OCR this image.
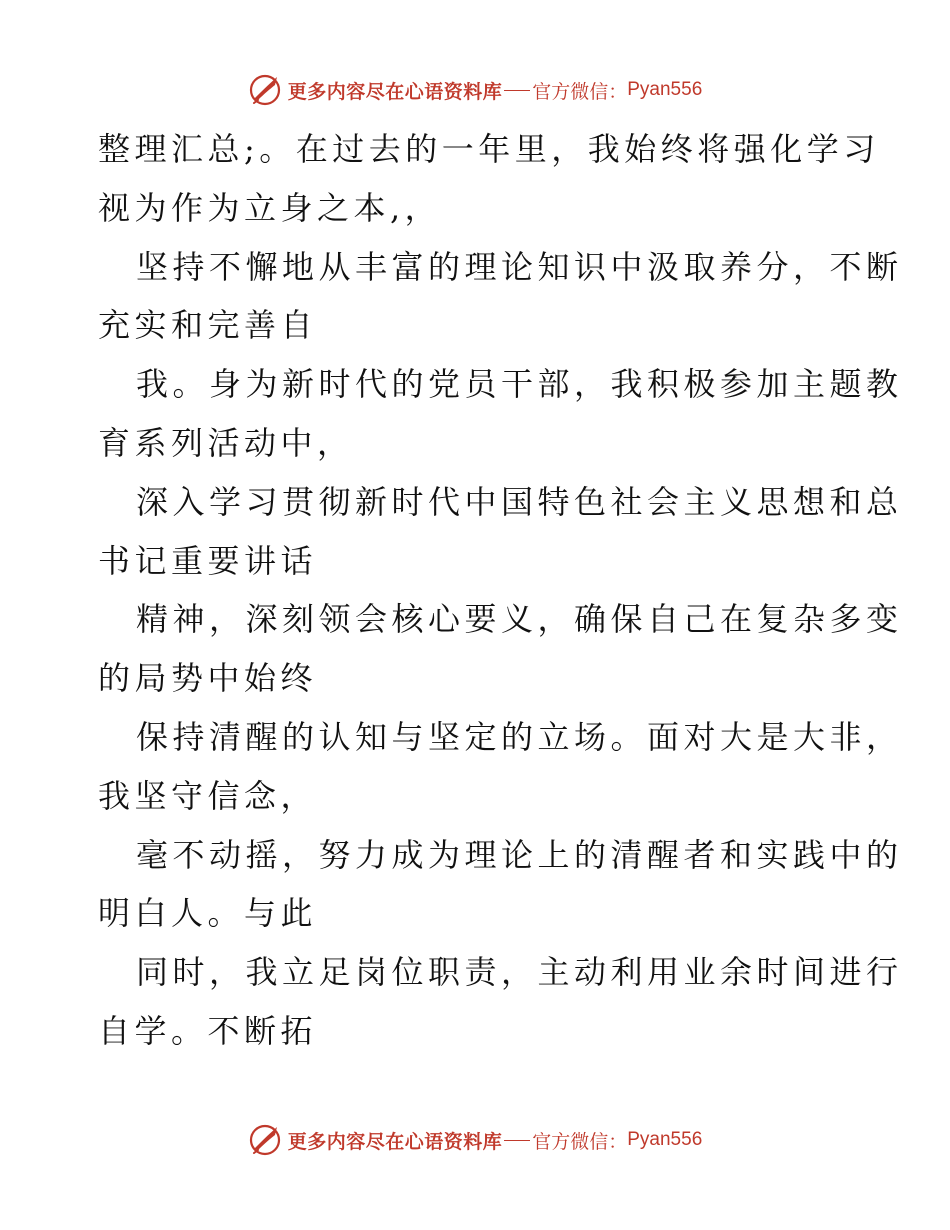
更多内容尽在心语资料库 官方微信： Pyan556
整理汇总;。在过去的一年里，我始终将强化学习
视为作为立身之本,，
坚持不懈地从丰富的理论知识中汲取养分，不断
充实和完善自
我。身为新时代的党员干部，我积极参加主题教
育系列活动中，
深入学习贯彻新时代中国特色社会主义思想和总
书记重要讲话
精神，深刻领会核心要义，确保自己在复杂多变
的局势中始终
保持清醒的认知与坚定的立场。面对大是大非，
我坚守信念，
毫不动摇，努力成为理论上的清醒者和实践中的
明白人。与此
同时，我立足岗位职责，主动利用业余时间进行
自学。不断拓
更多内容尽在心语资料库 官方微信： Pyan556
